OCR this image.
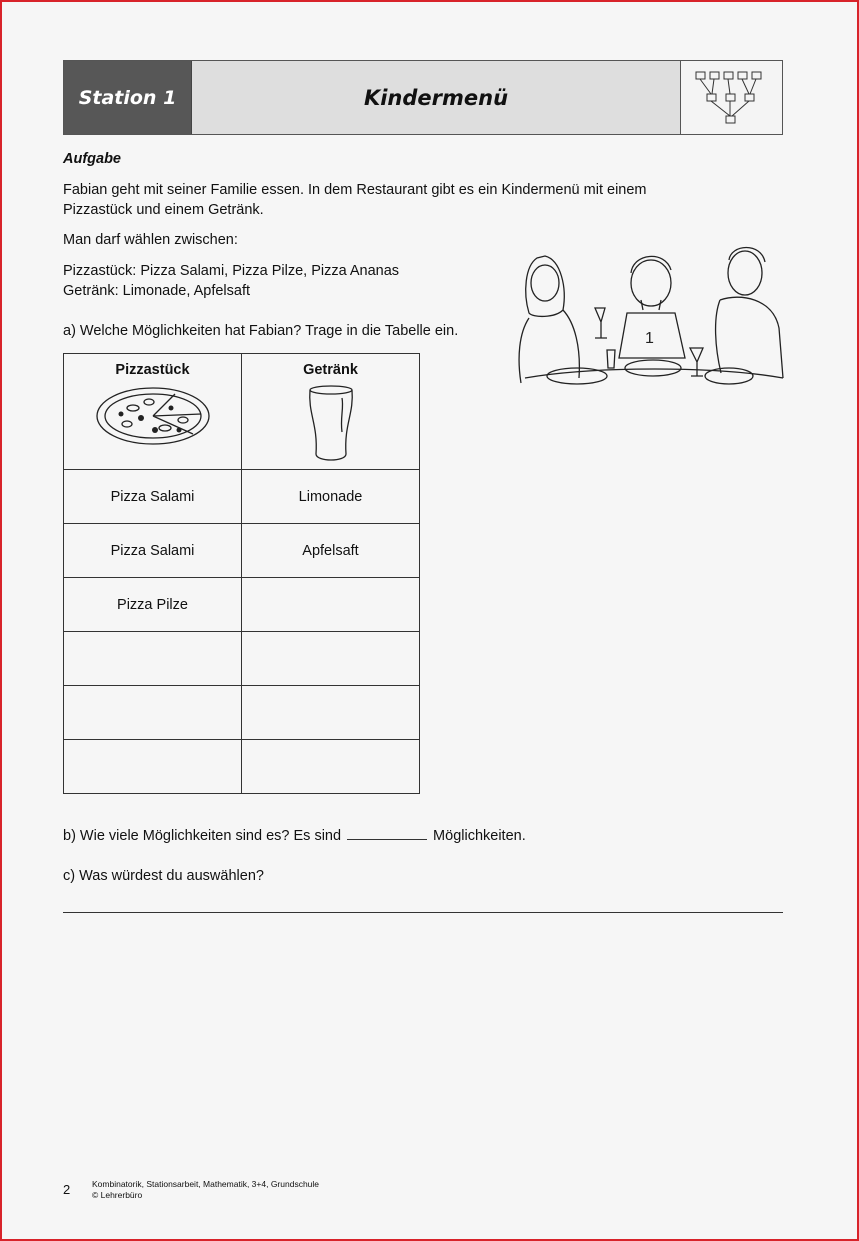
Station 1	Kindermenü
Aufgabe
Fabian geht mit seiner Familie essen. In dem Restaurant gibt es ein Kindermenü mit einem
Pizzastück und einem Getränk.
Man darf wählen zwischen:
Pizzastück: Pizza Salami, Pizza Pilze, Pizza Ananas
Getränk: Limonade, Apfelsaft
a) Welche Möglichkeiten hat Fabian? Trage in die Tabelle ein.	1
Pizzastück	Getränk

Pizza Salami	Limonade
Pizza Salami	Apfelsaft
Pizza Pilze	

b) Wie viele Möglichkeiten sind es? Es sind	Möglichkeiten.
c) Was würdest du auswählen?
2	Kombinatorik, Stationsarbeit, Mathematik, 3+4, Grundschule
© Lehrerbüro
